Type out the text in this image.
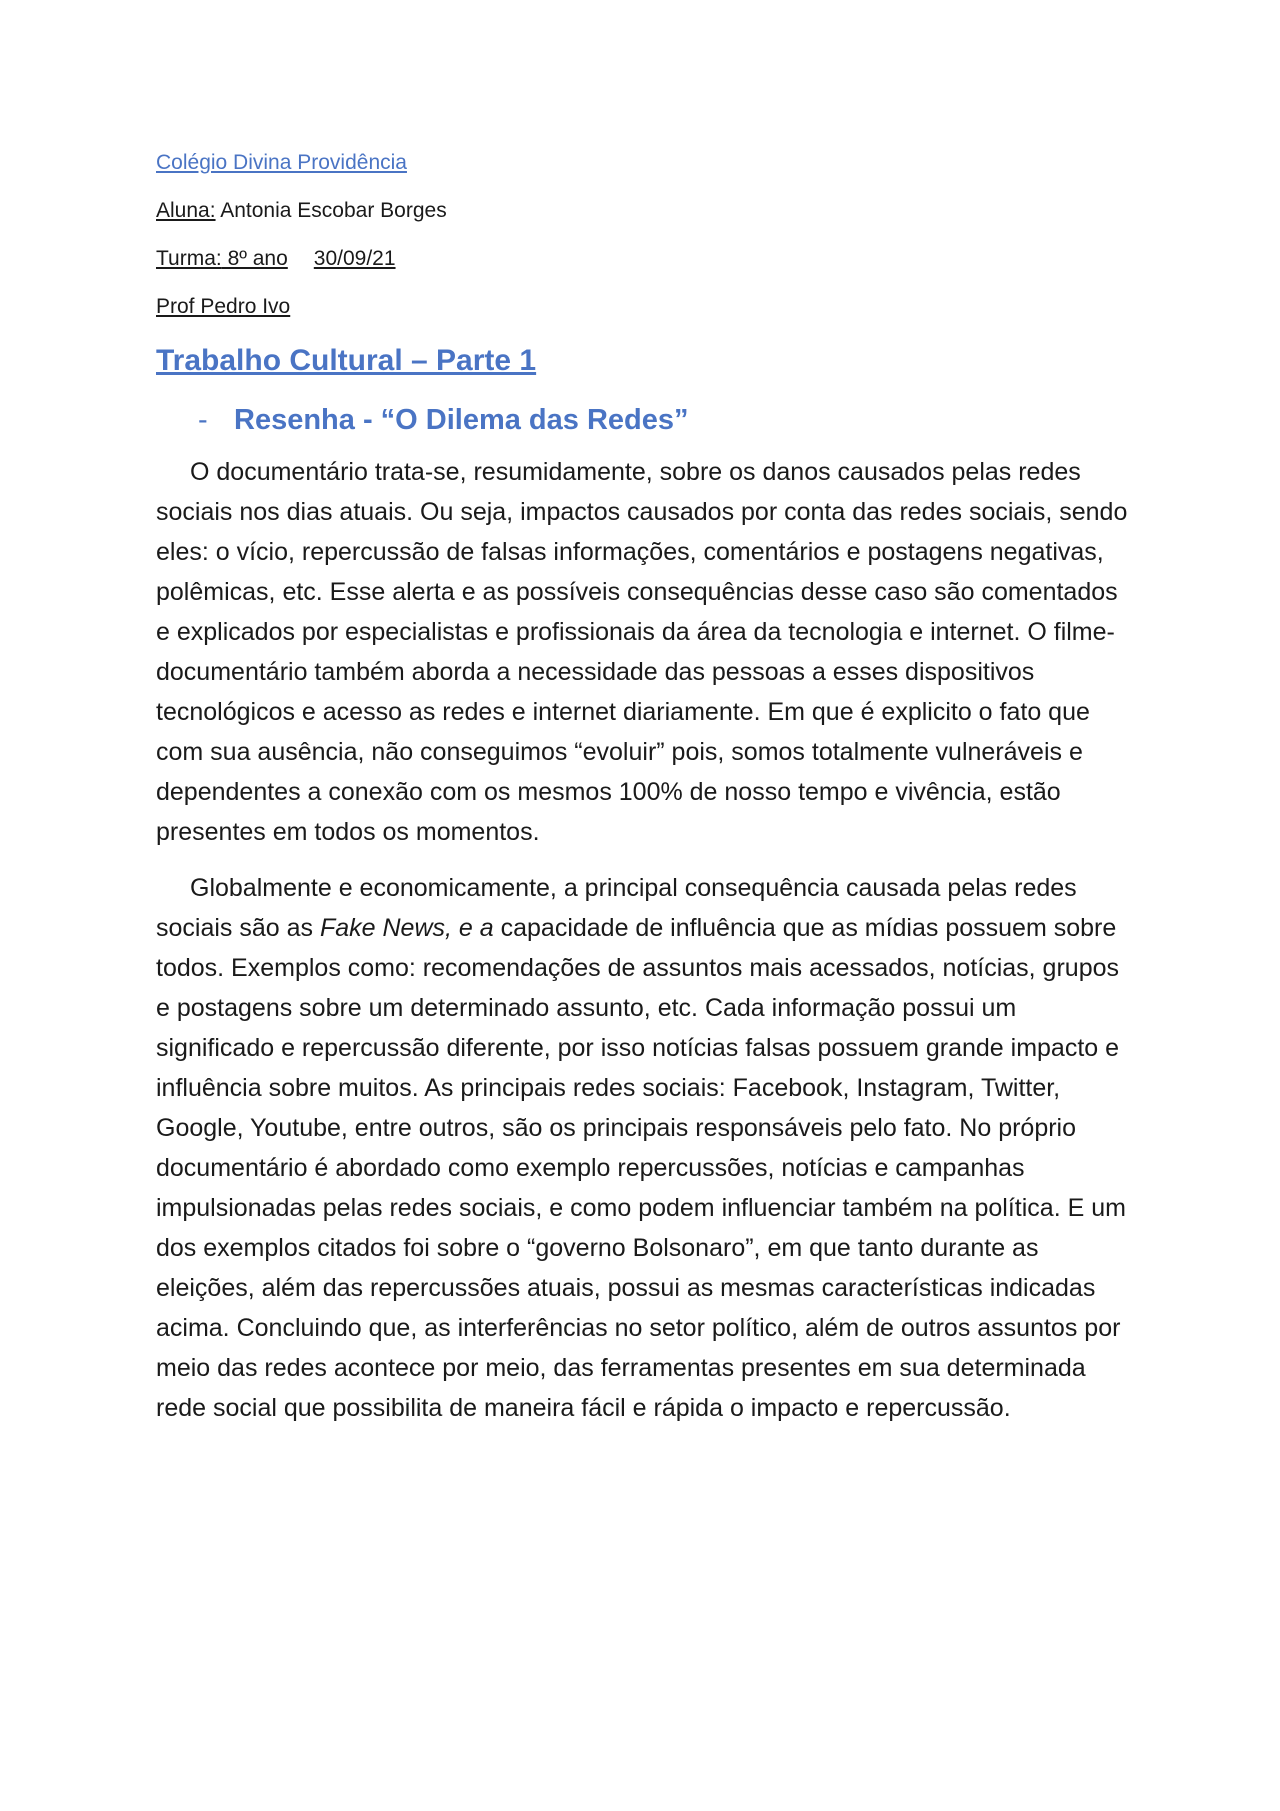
Colégio Divina Providência
Aluna: Antonia Escobar Borges
Turma: 8º ano 30/09/21
Prof Pedro Ivo
Trabalho Cultural – Parte 1
- Resenha - “O Dilema das Redes”

O documentário trata-se, resumidamente, sobre os danos causados pelas redes sociais nos dias atuais. Ou seja, impactos causados por conta das redes sociais, sendo eles: o vício, repercussão de falsas informações, comentários e postagens negativas, polêmicas, etc. Esse alerta e as possíveis consequências desse caso são comentados e explicados por especialistas e profissionais da área da tecnologia e internet. O filme-documentário também aborda a necessidade das pessoas a esses dispositivos tecnológicos e acesso as redes e internet diariamente. Em que é explicito o fato que com sua ausência, não conseguimos “evoluir” pois, somos totalmente vulneráveis e dependentes a conexão com os mesmos 100% de nosso tempo e vivência, estão presentes em todos os momentos.

Globalmente e economicamente, a principal consequência causada pelas redes sociais são as Fake News, e a capacidade de influência que as mídias possuem sobre todos. Exemplos como: recomendações de assuntos mais acessados, notícias, grupos e postagens sobre um determinado assunto, etc. Cada informação possui um significado e repercussão diferente, por isso notícias falsas possuem grande impacto e influência sobre muitos. As principais redes sociais: Facebook, Instagram, Twitter, Google, Youtube, entre outros, são os principais responsáveis pelo fato. No próprio documentário é abordado como exemplo repercussões, notícias e campanhas impulsionadas pelas redes sociais, e como podem influenciar também na política. E um dos exemplos citados foi sobre o “governo Bolsonaro”, em que tanto durante as eleições, além das repercussões atuais, possui as mesmas características indicadas acima. Concluindo que, as interferências no setor político, além de outros assuntos por meio das redes acontece por meio, das ferramentas presentes em sua determinada rede social que possibilita de maneira fácil e rápida o impacto e repercussão.
